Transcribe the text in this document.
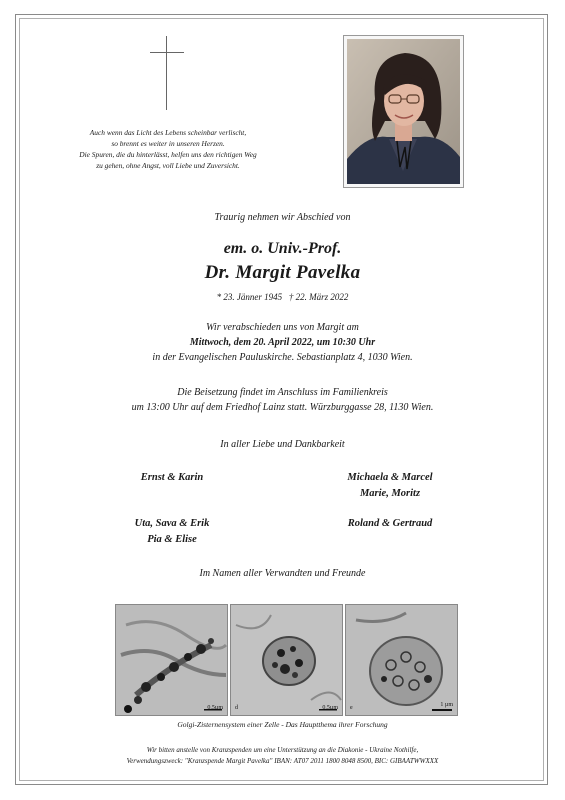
Auch wenn das Licht des Lebens scheinbar verlischt,
so brennt es weiter in unseren Herzen.
Die Spuren, die du hinterlässt, helfen uns den richtigen Weg
zu gehen, ohne Angst, voll Liebe und Zuversicht.
Traurig nehmen wir Abschied von
em. o. Univ.-Prof.
Dr. Margit Pavelka
* 23. Jänner 1945   † 22. März 2022
Wir verabschieden uns von Margit am
Mittwoch, dem 20. April 2022, um 10:30 Uhr
in der Evangelischen Pauluskirche. Sebastianplatz 4, 1030 Wien.
Die Beisetzung findet im Anschluss im Familienkreis
um 13:00 Uhr auf dem Friedhof Lainz statt. Würzburggasse 28, 1130 Wien.
In aller Liebe und Dankbarkeit
Ernst & Karin	Michaela & Marcel
Marie, Moritz
Uta, Sava & Erik
Pia & Elise
Roland & Gertraud
Im Namen aller Verwandten und Freunde
0.5µm d	0.5µm e	1 µm
Golgi-Zisternensystem einer Zelle - Das Hauptthema ihrer Forschung
Wir bitten anstelle von Kranzspenden um eine Unterstützung an die Diakonie - Ukraine Nothilfe,
Verwendungszweck: "Kranzspende Margit Pavelka" IBAN: AT07 2011 1800 8048 8500, BIC: GIBAATWWXXX
